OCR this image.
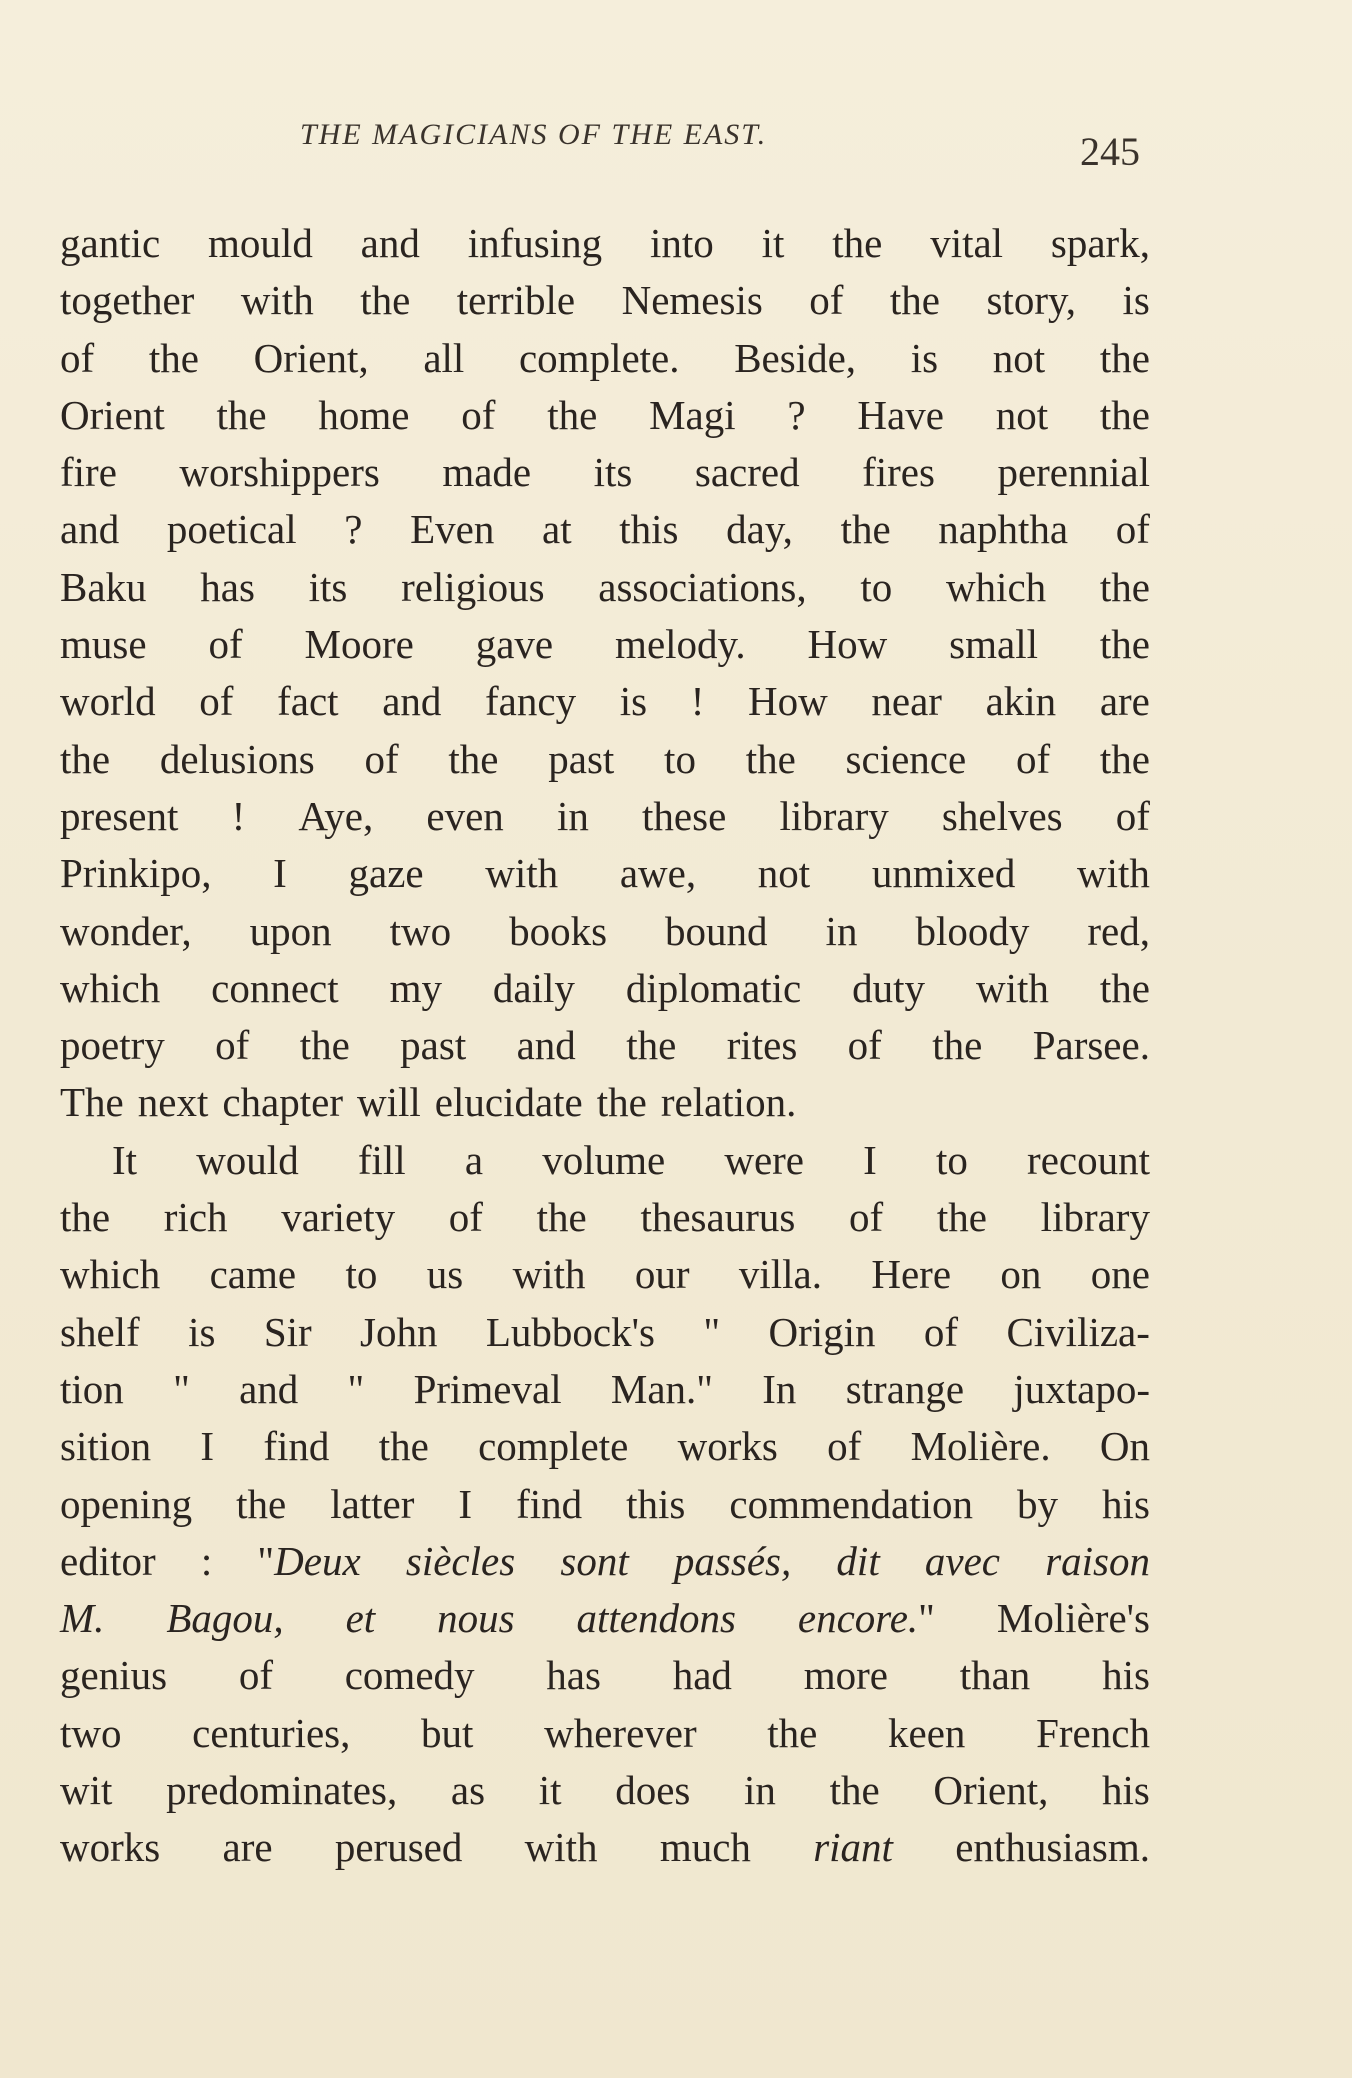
THE MAGICIANS OF THE EAST.	245
gantic mould and infusing into it the vital spark,
together with the terrible Nemesis of the story, is
of the Orient, all complete. Beside, is not the
Orient the home of the Magi ? Have not the
fire worshippers made its sacred fires perennial
and poetical ? Even at this day, the naphtha of
Baku has its religious associations, to which the
muse of Moore gave melody. How small the
world of fact and fancy is ! How near akin are
the delusions of the past to the science of the
present ! Aye, even in these library shelves of
Prinkipo, I gaze with awe, not unmixed with
wonder, upon two books bound in bloody red,
which connect my daily diplomatic duty with the
poetry of the past and the rites of the Parsee.
The next chapter will elucidate the relation.
It would fill a volume were I to recount
the rich variety of the thesaurus of the library
which came to us with our villa. Here on one
shelf is Sir John Lubbock's " Origin of Civiliza-
tion " and " Primeval Man." In strange juxtapo-
sition I find the complete works of Molière. On
opening the latter I find this commendation by his
editor : "Deux siècles sont passés, dit avec raison
M. Bagou, et nous attendons encore." Molière's
genius of comedy has had more than his
two centuries, but wherever the keen French
wit predominates, as it does in the Orient, his
works are perused with much riant enthusiasm.
